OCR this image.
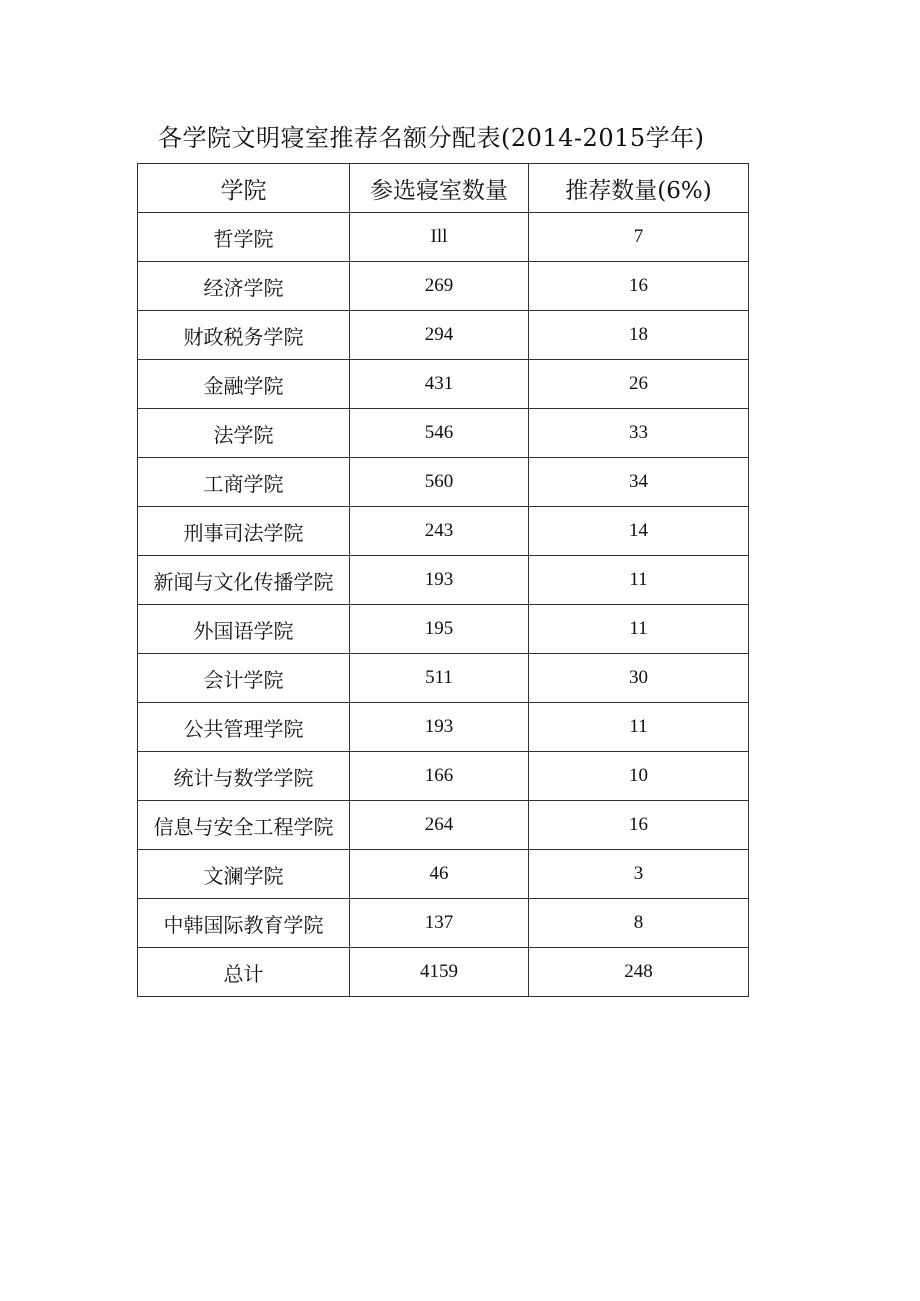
各学院文明寝室推荐名额分配表(2014-2015学年)
学院	参选寝室数量	推荐数量(6%)
哲学院	Ill	7
经济学院	269	16
财政税务学院	294	18
金融学院	431	26
法学院	546	33
工商学院	560	34
刑事司法学院	243	14
新闻与文化传播学院	193	11
外国语学院	195	11
会计学院	511	30
公共管理学院	193	11
统计与数学学院	166	10
信息与安全工程学院	264	16
文澜学院	46	3
中韩国际教育学院	137	8
总计	4159	248
